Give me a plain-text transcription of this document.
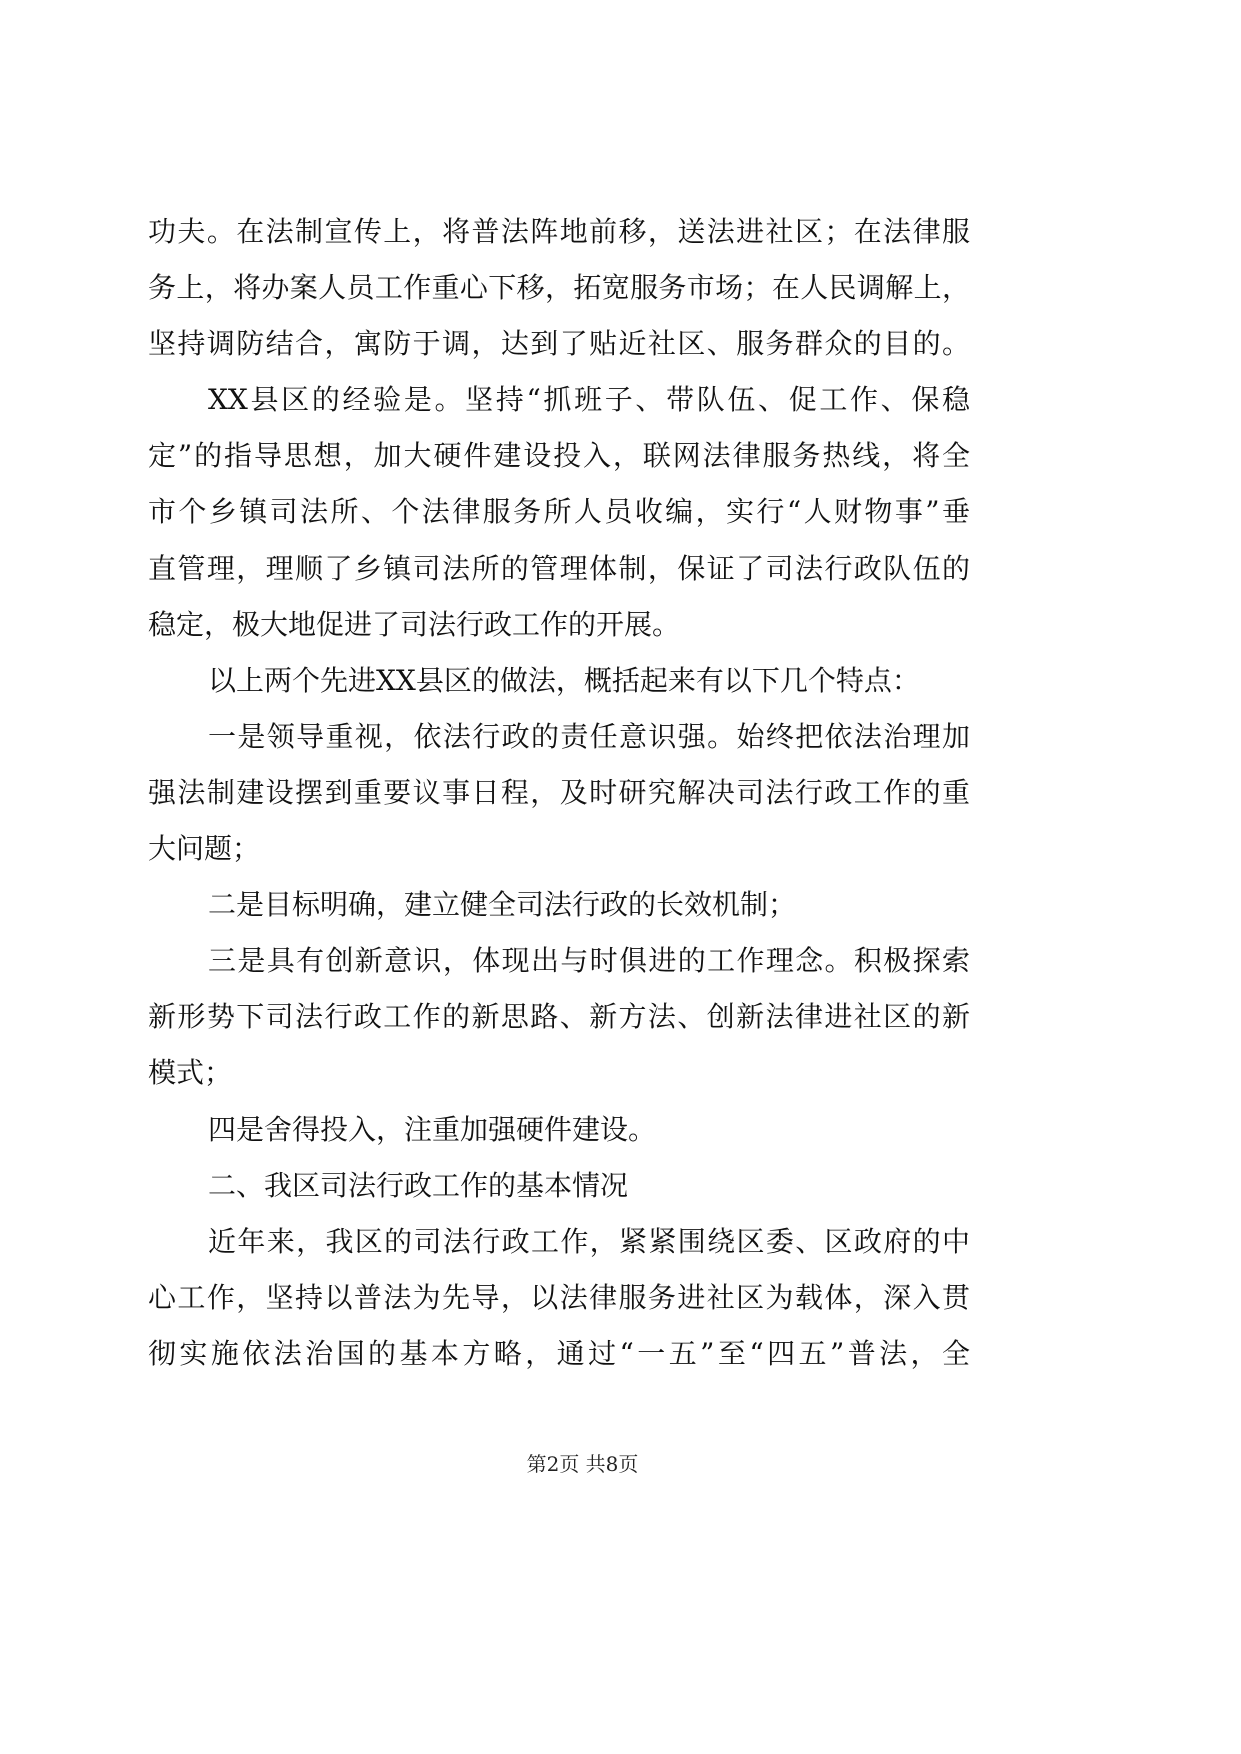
功夫。在法制宣传上，将普法阵地前移，送法进社区；在法律服
务上，将办案人员工作重心下移，拓宽服务市场；在人民调解上，
坚持调防结合，寓防于调，达到了贴近社区、服务群众的目的。
XX县区的经验是。坚持“抓班子、带队伍、促工作、保稳
定”的指导思想，加大硬件建设投入，联网法律服务热线，将全
市个乡镇司法所、个法律服务所人员收编，实行“人财物事”垂
直管理，理顺了乡镇司法所的管理体制，保证了司法行政队伍的
稳定，极大地促进了司法行政工作的开展。
以上两个先进XX县区的做法，概括起来有以下几个特点：
一是领导重视，依法行政的责任意识强。始终把依法治理加
强法制建设摆到重要议事日程，及时研究解决司法行政工作的重
大问题；
二是目标明确，建立健全司法行政的长效机制；
三是具有创新意识，体现出与时俱进的工作理念。积极探索
新形势下司法行政工作的新思路、新方法、创新法律进社区的新
模式；
四是舍得投入，注重加强硬件建设。
二、我区司法行政工作的基本情况
近年来，我区的司法行政工作，紧紧围绕区委、区政府的中
心工作，坚持以普法为先导，以法律服务进社区为载体，深入贯
彻实施依法治国的基本方略，通过“一五”至“四五”普法，全
第2页 共8页
